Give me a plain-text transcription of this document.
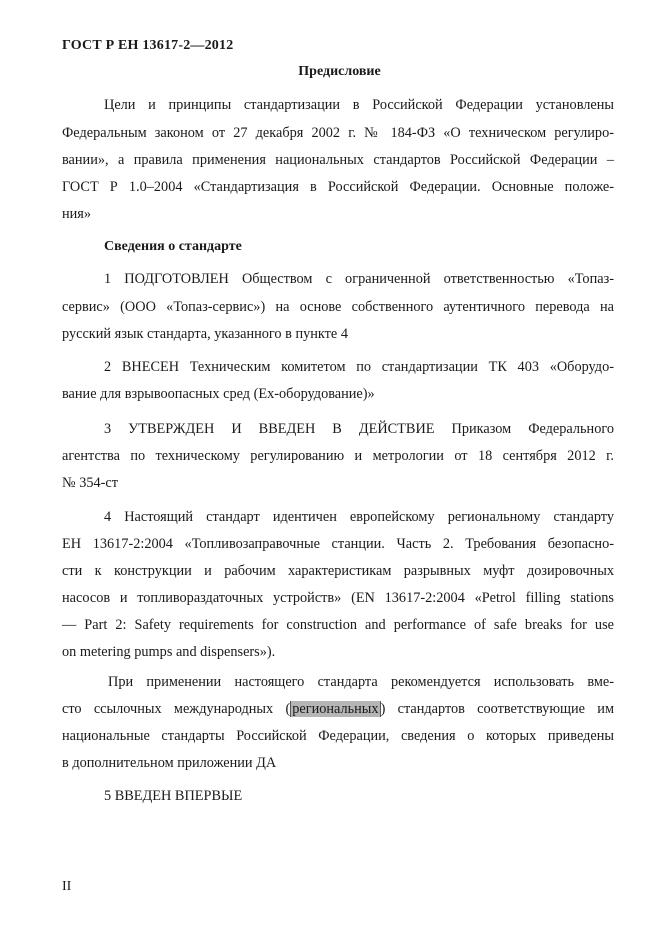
ГОСТ Р ЕН 13617-2—2012
Предисловие
Цели и принципы стандартизации в Российской Федерации установлены
Федеральным законом от 27 декабря 2002 г. № 184-ФЗ «О техническом регулиро-
вании», а правила применения национальных стандартов Российской Федерации –
ГОСТ Р 1.0–2004 «Стандартизация в Российской Федерации. Основные положе-
ния»
Сведения о стандарте
1 ПОДГОТОВЛЕН Обществом с ограниченной ответственностью «Топаз-
сервис» (ООО «Топаз-сервис») на основе собственного аутентичного перевода на
русский язык стандарта, указанного в пункте 4
2 ВНЕСЕН Техническим комитетом по стандартизации ТК 403 «Оборудо-
вание для взрывоопасных сред (Ex-оборудование)»
3 УТВЕРЖДЕН И ВВЕДЕН В ДЕЙСТВИЕ Приказом Федерального
агентства по техническому регулированию и метрологии от 18 сентября 2012 г.
№ 354-ст
4 Настоящий стандарт идентичен европейскому региональному стандарту
ЕН 13617-2:2004 «Топливозаправочные станции. Часть 2. Требования безопасно-
сти к конструкции и рабочим характеристикам разрывных муфт дозировочных
насосов и топливораздаточных устройств» (EN 13617-2:2004 «Petrol filling stations
— Part 2: Safety requirements for construction and performance of safe breaks for use
on metering pumps and dispensers»).
При применении настоящего стандарта рекомендуется использовать вме-
сто ссылочных международных ( региональных ) стандартов соответствующие им
национальные стандарты Российской Федерации, сведения о которых приведены
в дополнительном приложении ДА
5 ВВЕДЕН ВПЕРВЫЕ
II
